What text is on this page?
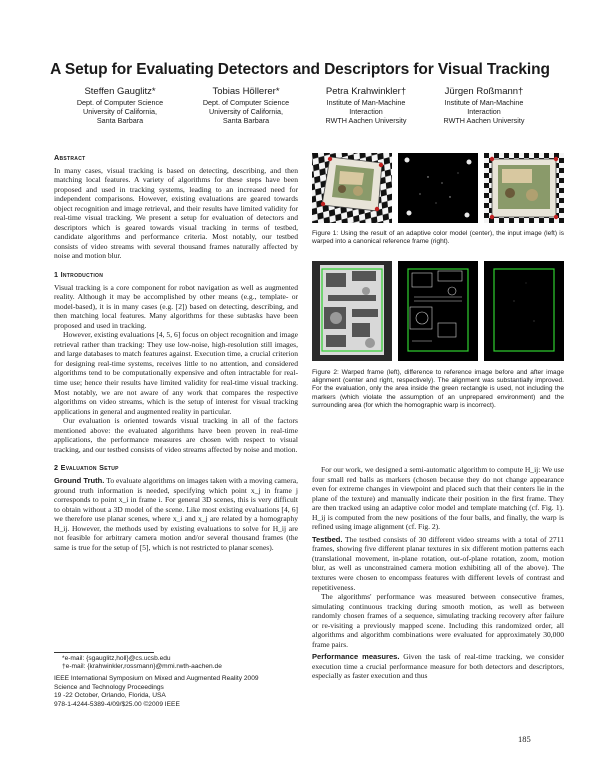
A Setup for Evaluating Detectors and Descriptors for Visual Tracking
Steffen Gauglitz*
Dept. of Computer Science
University of California,
Santa Barbara
Tobias Höllerer*
Dept. of Computer Science
University of California,
Santa Barbara
Petra Krahwinkler†
Institute of Man-Machine
Interaction
RWTH Aachen University
Jürgen Roßmann†
Institute of Man-Machine
Interaction
RWTH Aachen University
Abstract

In many cases, visual tracking is based on detecting, describing, and then matching local features. A variety of algorithms for these steps have been proposed and used in tracking systems, leading to an increased need for independent comparisons. However, existing evaluations are geared towards object recognition and image retrieval, and their results have limited validity for real-time visual tracking. We present a setup for evaluation of detectors and descriptors which is geared towards visual tracking in terms of testbed, candidate algorithms and performance criteria. Most notably, our testbed consists of video streams with several thousand frames naturally affected by noise and motion blur.

1 Introduction

Visual tracking is a core component for robot navigation as well as augmented reality. Although it may be accomplished by other means (e.g., template- or model-based), it is in many cases (e.g. [2]) based on detecting, describing, and then matching local features. Many algorithms for these subtasks have been proposed and used in tracking.

However, existing evaluations [4, 5, 6] focus on object recognition and image retrieval rather than tracking: They use low-noise, high-resolution still images, and large databases to match features against. Execution time, a crucial criterion for designing real-time systems, receives little to no attention, and considered algorithms tend to be computationally expensive and often intractable for real-time use; hence their results have limited validity for real-time visual tracking. Most notably, we are not aware of any work that compares the respective algorithms on video streams, which is the setup of interest for visual tracking applications in general and augmented reality in particular.

Our evaluation is oriented towards visual tracking in all of the factors mentioned above: the evaluated algorithms have been proven in real-time applications, the performance measures are chosen with respect to visual tracking, and our testbed consists of video streams affected by noise and motion.

2 Evaluation Setup

Ground Truth. To evaluate algorithms on images taken with a moving camera, ground truth information is needed, specifying which point x_j in frame j corresponds to point x_i in frame i. For general 3D scenes, this is very difficult to obtain without a 3D model of the scene. Like most existing evaluations [4, 6] we therefore use planar scenes, where x_i and x_j are related by a homography H_ij. However, the methods used by existing evaluations to solve for H_ij are not feasible for arbitrary camera motion and/or several thousand frames (the same is true for the setup of [5], which is not restricted to planar scenes).

*e-mail: {sgauglitz,holl}@cs.ucsb.edu
†e-mail: {krahwinkler,rossmann}@mmi.rwth-aachen.de
IEEE International Symposium on Mixed and Augmented Reality 2009
Science and Technology Proceedings
19 -22 October, Orlando, Florida, USA
978-1-4244-5389-4/09/$25.00 ©2009 IEEE
Figure 1: Using the result of an adaptive color model (center), the input image (left) is warped into a canonical reference frame (right).
Figure 2: Warped frame (left), difference to reference image before and after image alignment (center and right, respectively). The alignment was substantially improved. For the evaluation, only the area inside the green rectangle is used, not including the markers (which violate the assumption of an unprepared environment) and the surrounding area (for which the homographic warp is incorrect).

For our work, we designed a semi-automatic algorithm to compute H_ij: We use four small red balls as markers (chosen because they do not change appearance even for extreme changes in viewpoint and placed such that their centers lie in the plane of the texture) and manually indicate their position in the first frame. They are then tracked using an adaptive color model and template matching (cf. Fig. 1). H_ij is computed from the new positions of the four balls, and finally, the warp is refined using image alignment (cf. Fig. 2).

Testbed. The testbed consists of 30 different video streams with a total of 2711 frames, showing five different planar textures in six different motion patterns each (translational movement, in-plane rotation, out-of-plane rotation, zoom, motion blur, as well as unconstrained camera motion exhibiting all of the above). The textures were chosen to encompass features with different levels of contrast and repetitiveness.

The algorithms' performance was measured between consecutive frames, simulating continuous tracking during smooth motion, as well as between randomly chosen frames of a sequence, simulating tracking recovery after failure or re-visiting a previously mapped scene. Including this randomized order, all algorithms and algorithm combinations were evaluated for approximately 30,000 frame pairs.

Performance measures. Given the task of real-time tracking, we consider execution time a crucial performance measure for both detectors and descriptors, especially as faster execution and thus

185
